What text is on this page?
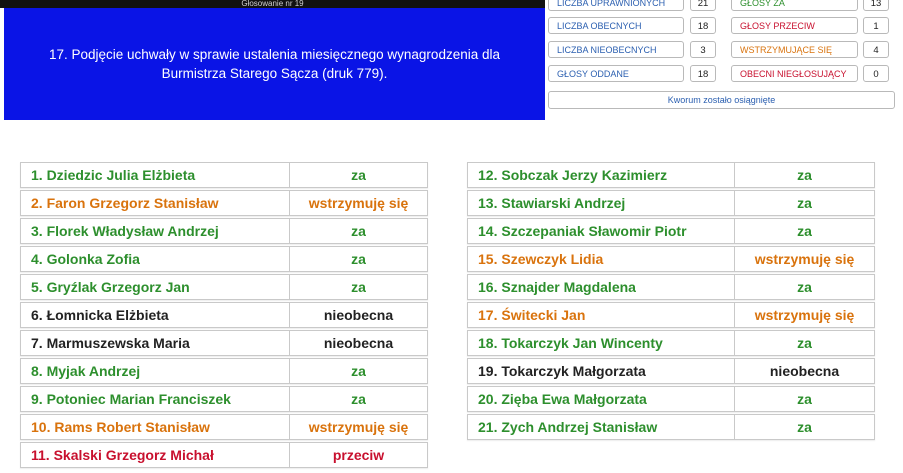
Głosowanie nr 19
17. Podjęcie uchwały w sprawie ustalenia miesięcznego wynagrodzenia dla Burmistrza Starego Sącza (druk 779).
LICZBA UPRAWNIONYCH	21
LICZBA OBECNYCH	18
LICZBA NIEOBECNYCH	3
GŁOSY ODDANE	18
GŁOSY ZA	13
GŁOSY PRZECIW	1
WSTRZYMUJĄCE SIĘ	4
OBECNI NIEGŁOSUJĄCY	0
Kworum zostało osiągnięte
1. Dziedzic Julia Elżbieta	za
2. Faron Grzegorz Stanisław	wstrzymuję się
3. Florek Władysław Andrzej	za
4. Golonka Zofia	za
5. Gryźlak Grzegorz Jan	za
6. Łomnicka Elżbieta	nieobecna
7. Marmuszewska Maria	nieobecna
8. Myjak Andrzej	za
9. Potoniec Marian Franciszek	za
10. Rams Robert Stanisław	wstrzymuję się
11. Skalski Grzegorz Michał	przeciw
12. Sobczak Jerzy Kazimierz	za
13. Stawiarski Andrzej	za
14. Szczepaniak Sławomir Piotr	za
15. Szewczyk Lidia	wstrzymuję się
16. Sznajder Magdalena	za
17. Świtecki Jan	wstrzymuję się
18. Tokarczyk Jan Wincenty	za
19. Tokarczyk Małgorzata	nieobecna
20. Zięba Ewa Małgorzata	za
21. Zych Andrzej Stanisław	za
